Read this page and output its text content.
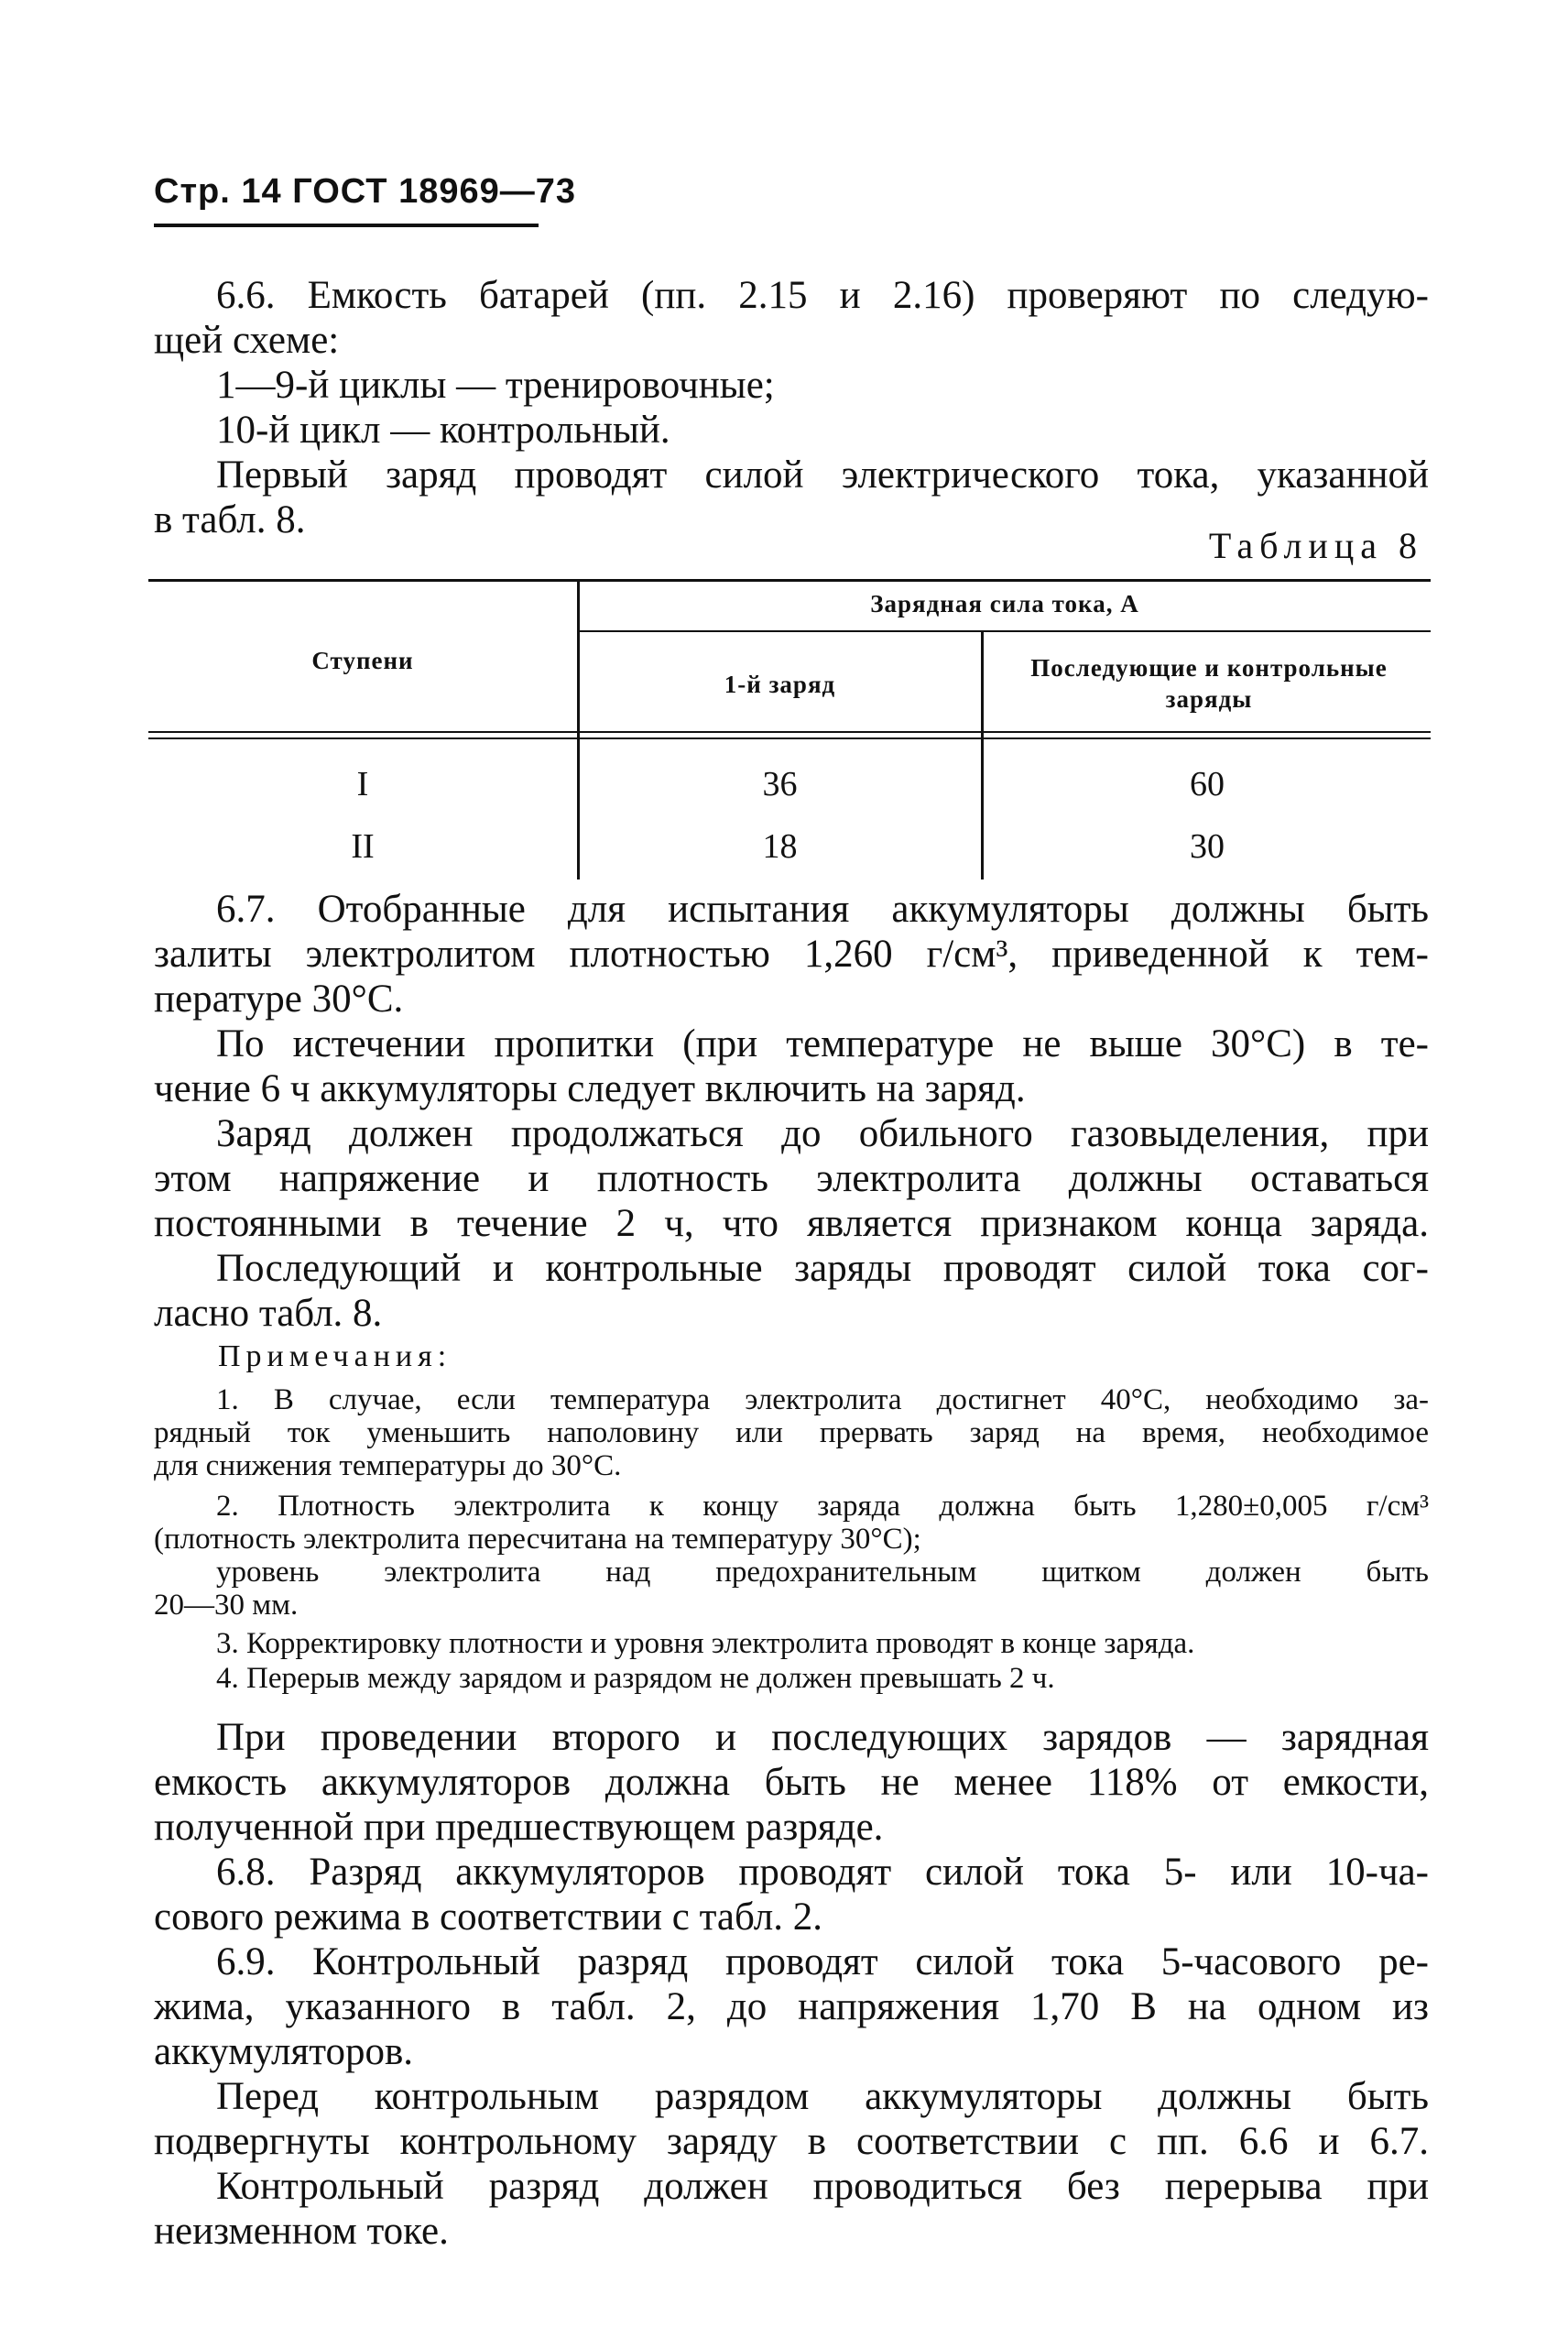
Стр. 14 ГОСТ 18969—73

6.6. Емкость батарей (пп. 2.15 и 2.16) проверяют по следую-

щей схеме:

1—9-й циклы — тренировочные;

10-й цикл — контрольный.

Первый заряд проводят силой электрического тока, указанной

в табл. 8.

Таблица 8
Зарядная сила тока, А
Ступени
1-й заряд
Последующие и контрольные заряды
I	36	60
II	18	30

6.7. Отобранные для испытания аккумуляторы должны быть

залиты электролитом плотностью 1,260 г/см³, приведенной к тем-

пературе 30°С.

По истечении пропитки (при температуре не выше 30°С) в те-

чение 6 ч аккумуляторы следует включить на заряд.

Заряд должен продолжаться до обильного газовыделения, при

этом напряжение и плотность электролита должны оставаться

постоянными в течение 2 ч, что является признаком конца заряда.

Последующий и контрольные заряды проводят силой тока сог-

ласно табл. 8.

Примечания:

1. В случае, если температура электролита достигнет 40°С, необходимо за-

рядный ток уменьшить наполовину или прервать заряд на время, необходимое

для снижения температуры до 30°С.

2. Плотность электролита к концу заряда должна быть 1,280±0,005 г/см³

(плотность электролита пересчитана на температуру 30°С);

уровень электролита над предохранительным щитком должен быть

20—30 мм.

3. Корректировку плотности и уровня электролита проводят в конце заряда.

4. Перерыв между зарядом и разрядом не должен превышать 2 ч.

При проведении второго и последующих зарядов — зарядная

емкость аккумуляторов должна быть не менее 118% от емкости,

полученной при предшествующем разряде.

6.8. Разряд аккумуляторов проводят силой тока 5- или 10-ча-

сового режима в соответствии с табл. 2.

6.9. Контрольный разряд проводят силой тока 5-часового ре-

жима, указанного в табл. 2, до напряжения 1,70 В на одном из

аккумуляторов.

Перед контрольным разрядом аккумуляторы должны быть

подвергнуты контрольному заряду в соответствии с пп. 6.6 и 6.7.

Контрольный разряд должен проводиться без перерыва при

неизменном токе.
